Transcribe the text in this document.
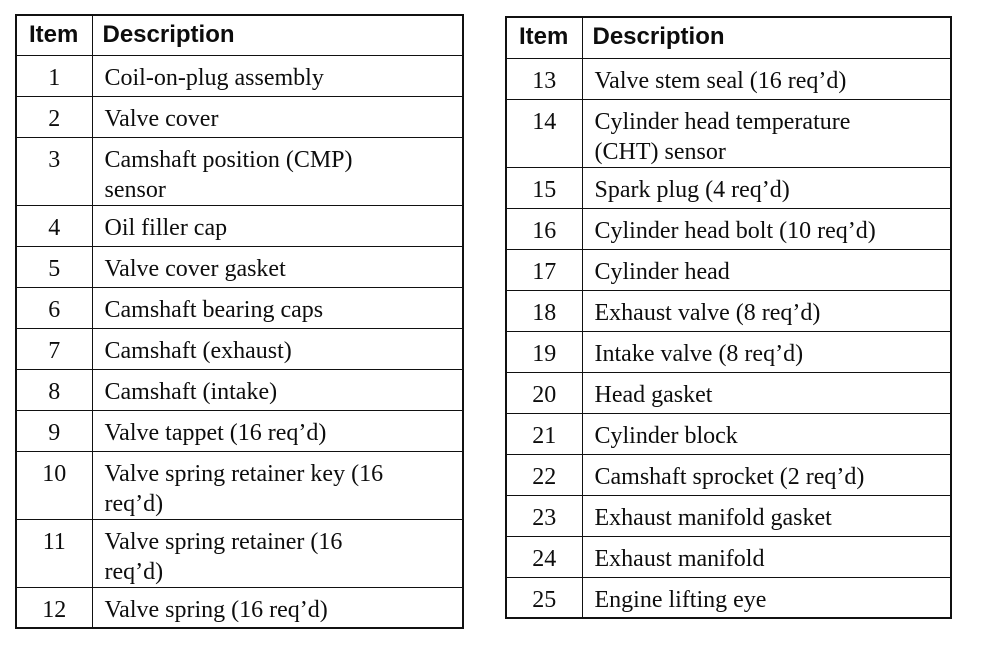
Item	Description
1	Coil-on-plug assembly
2	Valve cover
3	Camshaft position (CMP)
sensor
4	Oil filler cap
5	Valve cover gasket
6	Camshaft bearing caps
7	Camshaft (exhaust)
8	Camshaft (intake)
9	Valve tappet (16 req’d)
10	Valve spring retainer key (16
req’d)
11	Valve spring retainer (16
req’d)
12	Valve spring (16 req’d)
Item	Description
13	Valve stem seal (16 req’d)
14	Cylinder head temperature
(CHT) sensor
15	Spark plug (4 req’d)
16	Cylinder head bolt (10 req’d)
17	Cylinder head
18	Exhaust valve (8 req’d)
19	Intake valve (8 req’d)
20	Head gasket
21	Cylinder block
22	Camshaft sprocket (2 req’d)
23	Exhaust manifold gasket
24	Exhaust manifold
25	Engine lifting eye
